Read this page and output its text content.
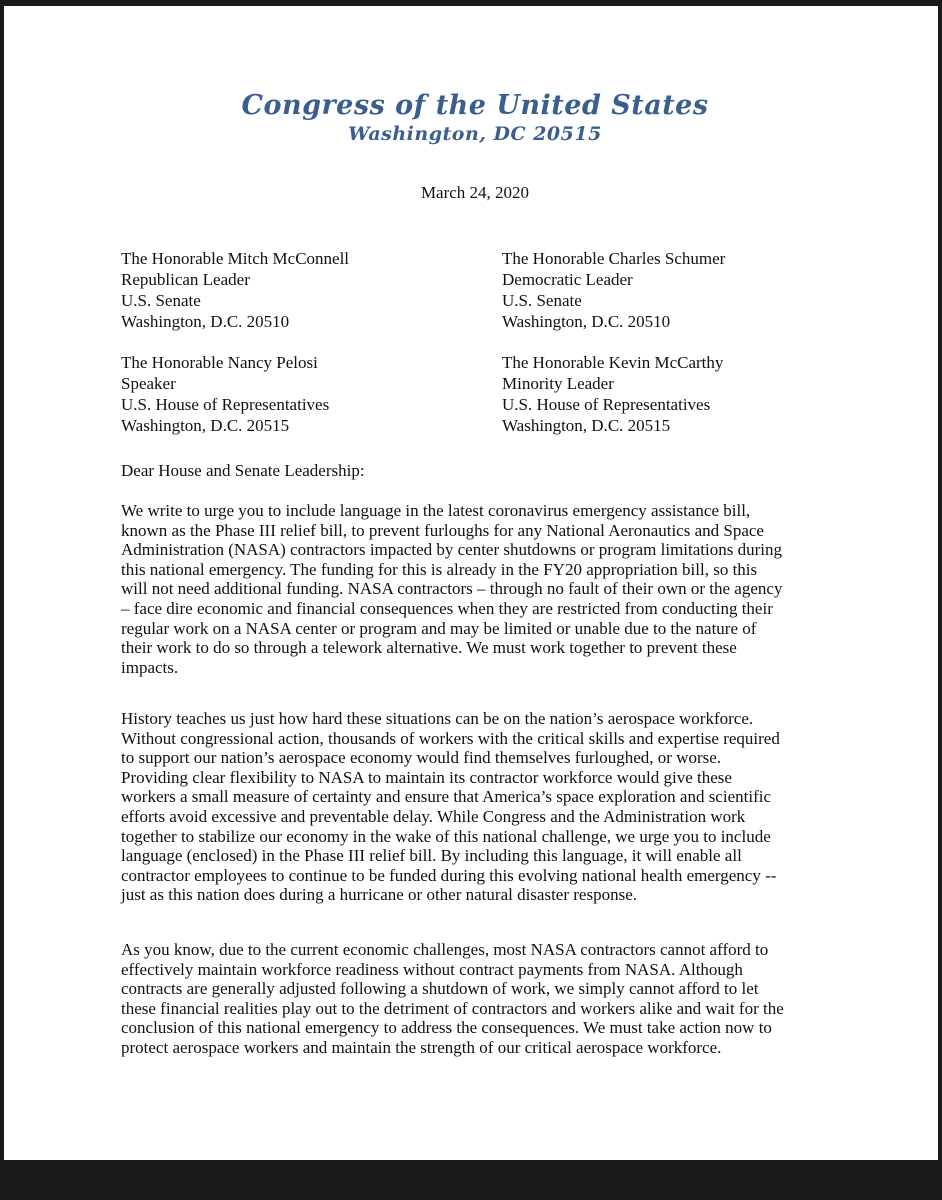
Congress of the United States
Washington, DC 20515
March 24, 2020
The Honorable Mitch McConnell
Republican Leader
U.S. Senate
Washington, D.C. 20510
The Honorable Charles Schumer
Democratic Leader
U.S. Senate
Washington, D.C. 20510
The Honorable Nancy Pelosi
Speaker
U.S. House of Representatives
Washington, D.C. 20515
The Honorable Kevin McCarthy
Minority Leader
U.S. House of Representatives
Washington, D.C. 20515
Dear House and Senate Leadership:
We write to urge you to include language in the latest coronavirus emergency assistance bill,
known as the Phase III relief bill, to prevent furloughs for any National Aeronautics and Space
Administration (NASA) contractors impacted by center shutdowns or program limitations during
this national emergency. The funding for this is already in the FY20 appropriation bill, so this
will not need additional funding. NASA contractors – through no fault of their own or the agency
– face dire economic and financial consequences when they are restricted from conducting their
regular work on a NASA center or program and may be limited or unable due to the nature of
their work to do so through a telework alternative. We must work together to prevent these
impacts.
History teaches us just how hard these situations can be on the nation’s aerospace workforce.
Without congressional action, thousands of workers with the critical skills and expertise required
to support our nation’s aerospace economy would find themselves furloughed, or worse.
Providing clear flexibility to NASA to maintain its contractor workforce would give these
workers a small measure of certainty and ensure that America’s space exploration and scientific
efforts avoid excessive and preventable delay. While Congress and the Administration work
together to stabilize our economy in the wake of this national challenge, we urge you to include
language (enclosed) in the Phase III relief bill. By including this language, it will enable all
contractor employees to continue to be funded during this evolving national health emergency --
just as this nation does during a hurricane or other natural disaster response.
As you know, due to the current economic challenges, most NASA contractors cannot afford to
effectively maintain workforce readiness without contract payments from NASA. Although
contracts are generally adjusted following a shutdown of work, we simply cannot afford to let
these financial realities play out to the detriment of contractors and workers alike and wait for the
conclusion of this national emergency to address the consequences. We must take action now to
protect aerospace workers and maintain the strength of our critical aerospace workforce.
